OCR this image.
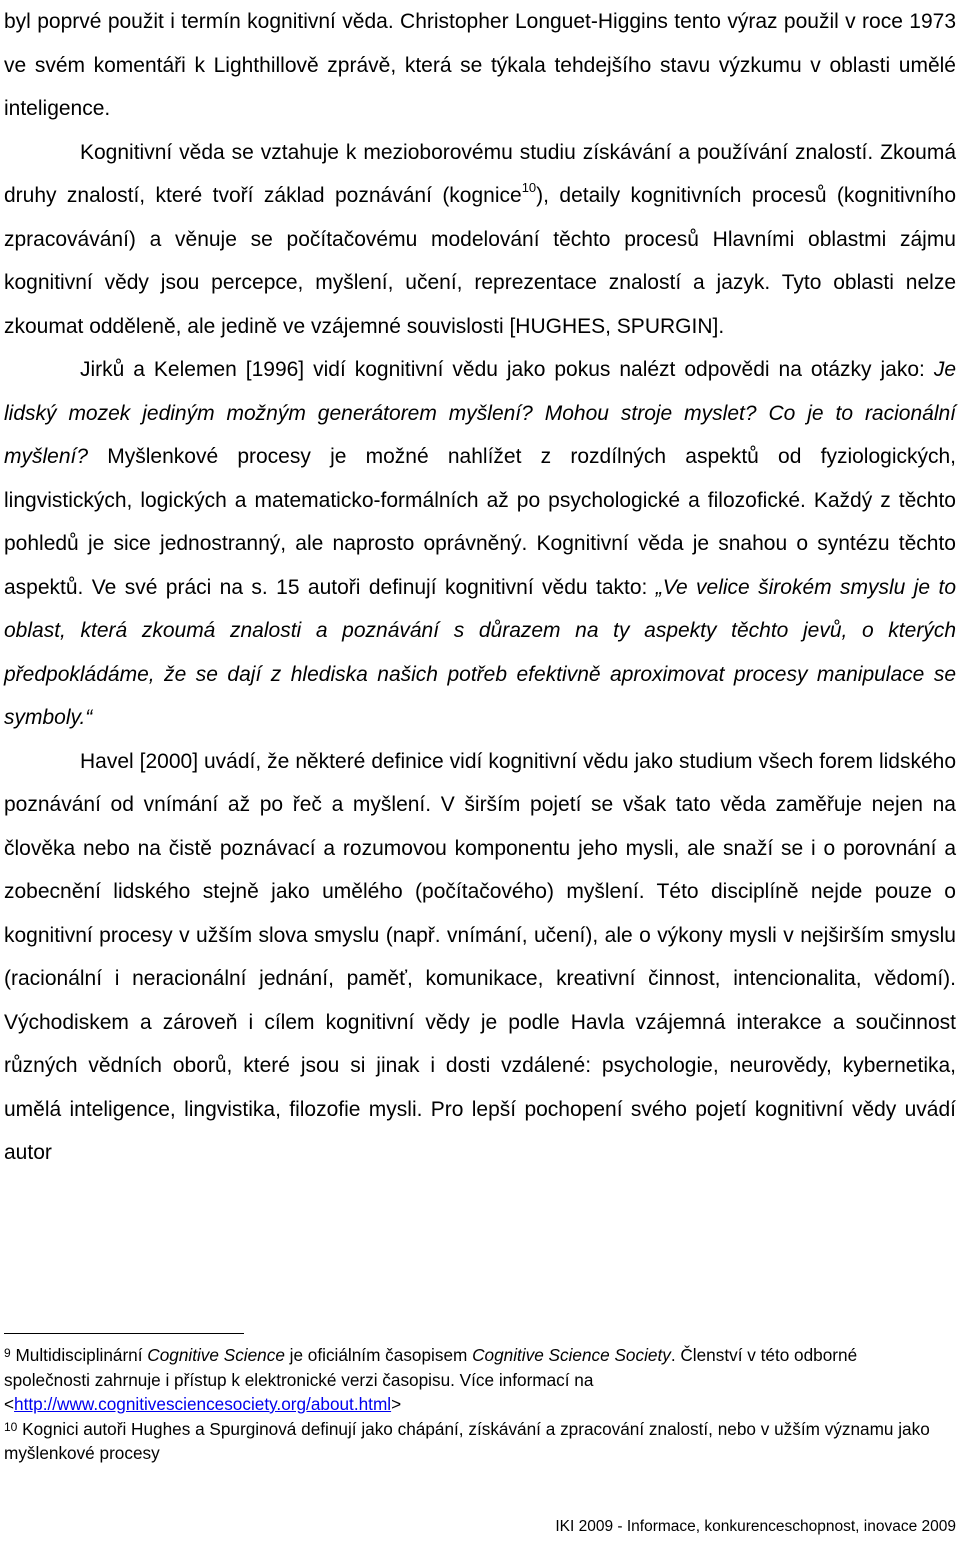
byl poprvé použit i termín kognitivní věda. Christopher Longuet-Higgins tento výraz použil v roce 1973 ve svém komentáři k Lighthillově zprávě, která se týkala tehdejšího stavu výzkumu v oblasti umělé inteligence.

Kognitivní věda se vztahuje k mezioborovému studiu získávání a používání znalostí. Zkoumá druhy znalostí, které tvoří základ poznávání (kognice$^{10}$), detaily kognitivních procesů (kognitivního zpracovávání) a věnuje se počítačovému modelování těchto procesů Hlavními oblastmi zájmu kognitivní vědy jsou percepce, myšlení, učení, reprezentace znalostí a jazyk. Tyto oblasti nelze zkoumat odděleně, ale jedině ve vzájemné souvislosti [HUGHES, SPURGIN].

Jirků a Kelemen [1996] vidí kognitivní vědu jako pokus nalézt odpovědi na otázky jako: Je lidský mozek jediným možným generátorem myšlení? Mohou stroje myslet? Co je to racionální myšlení? Myšlenkové procesy je možné nahlížet z rozdílných aspektů od fyziologických, lingvistických, logických a matematicko-formálních až po psychologické a filozofické. Každý z těchto pohledů je sice jednostranný, ale naprosto oprávněný. Kognitivní věda je snahou o syntézu těchto aspektů. Ve své práci na s. 15 autoři definují kognitivní vědu takto: „Ve velice širokém smyslu je to oblast, která zkoumá znalosti a poznávání s důrazem na ty aspekty těchto jevů, o kterých předpokládáme, že se dají z hlediska našich potřeb efektivně aproximovat procesy manipulace se symboly.“

Havel [2000] uvádí, že některé definice vidí kognitivní vědu jako studium všech forem lidského poznávání od vnímání až po řeč a myšlení. V širším pojetí se však tato věda zaměřuje nejen na člověka nebo na čistě poznávací a rozumovou komponentu jeho mysli, ale snaží se i o porovnání a zobecnění lidského stejně jako umělého (počítačového) myšlení. Této disciplíně nejde pouze o kognitivní procesy v užším slova smyslu (např. vnímání, učení), ale o výkony mysli v nejširším smyslu (racionální i neracionální jednání, paměť, komunikace, kreativní činnost, intencionalita, vědomí). Východiskem a zároveň i cílem kognitivní vědy je podle Havla vzájemná interakce a součinnost různých vědních oborů, které jsou si jinak i dosti vzdálené: psychologie, neurovědy, kybernetika, umělá inteligence, lingvistika, filozofie mysli. Pro lepší pochopení svého pojetí kognitivní vědy uvádí autor

$^9$ Multidisciplinární Cognitive Science je oficiálním časopisem Cognitive Science Society. Členství v této odborné společnosti zahrnuje i přístup k elektronické verzi časopisu. Více informací na <http://www.cognitivesciencesociety.org/about.html>

$^{10}$ Kognici autoři Hughes a Spurginová definují jako chápání, získávání a zpracování znalostí, nebo v užším významu jako myšlenkové procesy

IKI 2009 - Informace, konkurenceschopnost, inovace 2009
